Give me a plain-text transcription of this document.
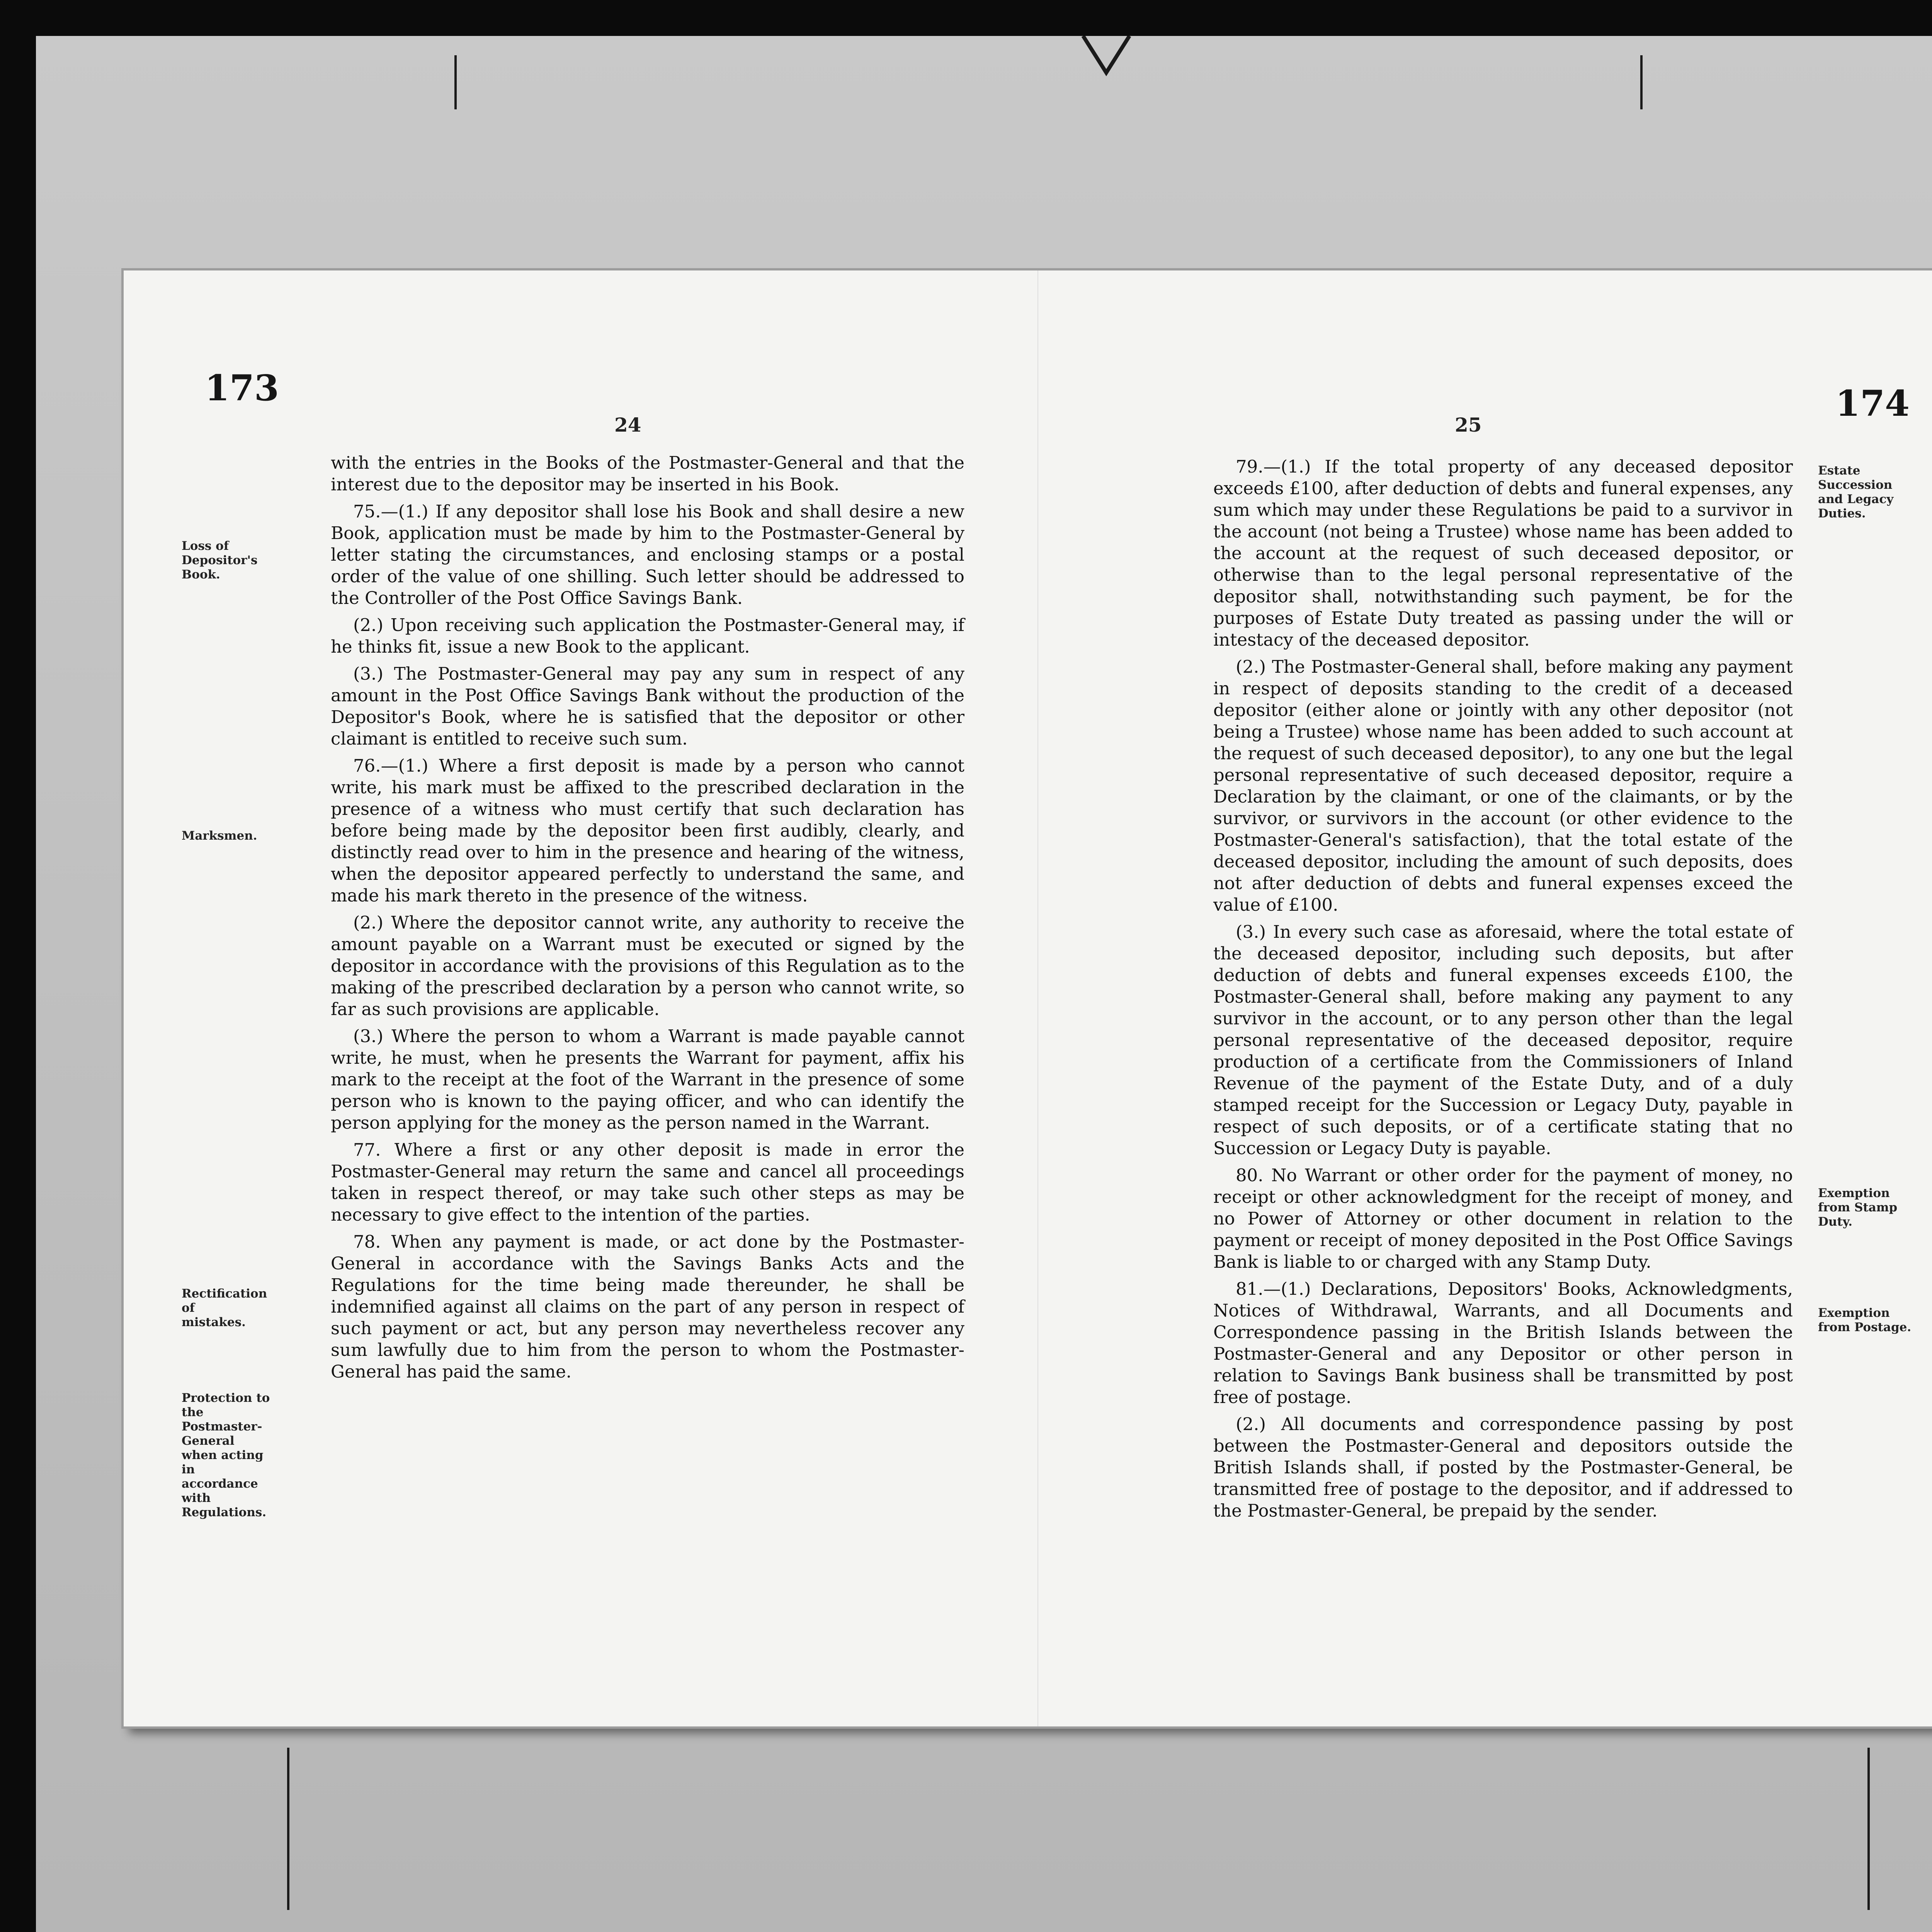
173
24
Loss of Depositor's Book.
Marksmen.
Rectification of mistakes.
Protection to the Postmaster-General when acting in accordance with Regulations.

with the entries in the Books of the Postmaster-General and that the interest due to the depositor may be inserted in his Book.

75.—(1.) If any depositor shall lose his Book and shall desire a new Book, application must be made by him to the Postmaster-General by letter stating the circumstances, and enclosing stamps or a postal order of the value of one shilling. Such letter should be addressed to the Controller of the Post Office Savings Bank.

(2.) Upon receiving such application the Postmaster-General may, if he thinks fit, issue a new Book to the applicant.

(3.) The Postmaster-General may pay any sum in respect of any amount in the Post Office Savings Bank without the production of the Depositor's Book, where he is satisfied that the depositor or other claimant is entitled to receive such sum.

76.—(1.) Where a first deposit is made by a person who cannot write, his mark must be affixed to the prescribed declaration in the presence of a witness who must certify that such declaration has before being made by the depositor been first audibly, clearly, and distinctly read over to him in the presence and hearing of the witness, when the depositor appeared perfectly to understand the same, and made his mark thereto in the presence of the witness.

(2.) Where the depositor cannot write, any authority to receive the amount payable on a Warrant must be executed or signed by the depositor in accordance with the provisions of this Regulation as to the making of the prescribed declaration by a person who cannot write, so far as such provisions are applicable.

(3.) Where the person to whom a Warrant is made payable cannot write, he must, when he presents the Warrant for payment, affix his mark to the receipt at the foot of the Warrant in the presence of some person who is known to the paying officer, and who can identify the person applying for the money as the person named in the Warrant.

77. Where a first or any other deposit is made in error the Postmaster-General may return the same and cancel all proceedings taken in respect thereof, or may take such other steps as may be necessary to give effect to the intention of the parties.

78. When any payment is made, or act done by the Postmaster-General in accordance with the Savings Banks Acts and the Regulations for the time being made thereunder, he shall be indemnified against all claims on the part of any person in respect of such payment or act, but any person may nevertheless recover any sum lawfully due to him from the person to whom the Postmaster-General has paid the same.

174
25
Estate Succession and Legacy Duties.
Exemption from Stamp Duty.
Exemption from Postage.

79.—(1.) If the total property of any deceased depositor exceeds £100, after deduction of debts and funeral expenses, any sum which may under these Regulations be paid to a survivor in the account (not being a Trustee) whose name has been added to the account at the request of such deceased depositor, or otherwise than to the legal personal representative of the depositor shall, notwithstanding such payment, be for the purposes of Estate Duty treated as passing under the will or intestacy of the deceased depositor.

(2.) The Postmaster-General shall, before making any payment in respect of deposits standing to the credit of a deceased depositor (either alone or jointly with any other depositor (not being a Trustee) whose name has been added to such account at the request of such deceased depositor), to any one but the legal personal representative of such deceased depositor, require a Declaration by the claimant, or one of the claimants, or by the survivor, or survivors in the account (or other evidence to the Postmaster-General's satisfaction), that the total estate of the deceased depositor, including the amount of such deposits, does not after deduction of debts and funeral expenses exceed the value of £100.

(3.) In every such case as aforesaid, where the total estate of the deceased depositor, including such deposits, but after deduction of debts and funeral expenses exceeds £100, the Postmaster-General shall, before making any payment to any survivor in the account, or to any person other than the legal personal representative of the deceased depositor, require production of a certificate from the Commissioners of Inland Revenue of the payment of the Estate Duty, and of a duly stamped receipt for the Succession or Legacy Duty, payable in respect of such deposits, or of a certificate stating that no Succession or Legacy Duty is payable.

80. No Warrant or other order for the payment of money, no receipt or other acknowledgment for the receipt of money, and no Power of Attorney or other document in relation to the payment or receipt of money deposited in the Post Office Savings Bank is liable to or charged with any Stamp Duty.

81.—(1.) Declarations, Depositors' Books, Acknowledgments, Notices of Withdrawal, Warrants, and all Documents and Correspondence passing in the British Islands between the Postmaster-General and any Depositor or other person in relation to Savings Bank business shall be transmitted by post free of postage.

(2.) All documents and correspondence passing by post between the Postmaster-General and depositors outside the British Islands shall, if posted by the Postmaster-General, be transmitted free of postage to the depositor, and if addressed to the Postmaster-General, be prepaid by the sender.
